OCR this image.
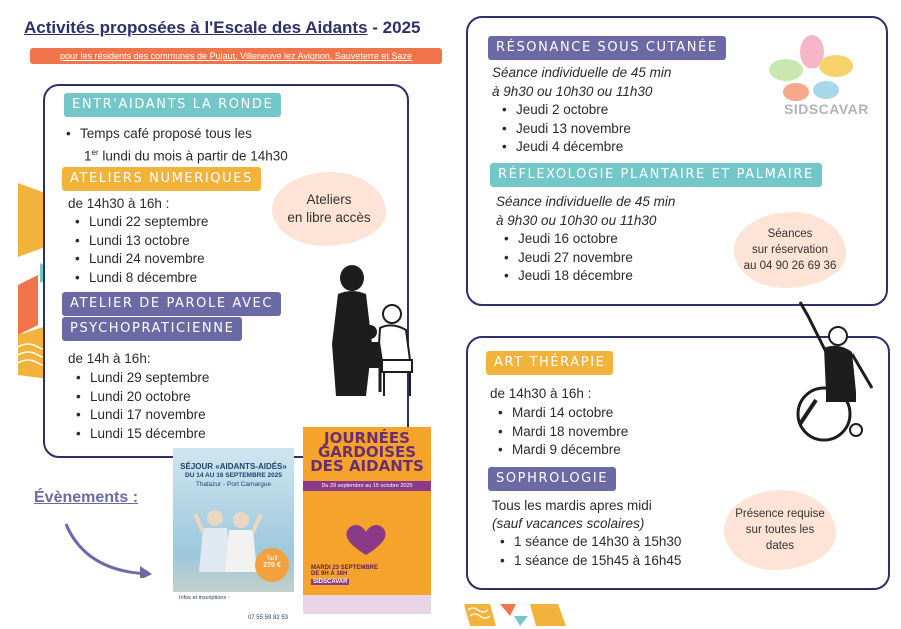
Activités proposées à l'Escale des Aidants - 2025
pour les résidents des communes de Pujaut, Villeneuve lez Avignon, Sauveterre et Saze
ENTR'AIDANTS LA RONDE
• Temps café proposé tous les
1er lundi du mois à partir de 14h30
ATELIERS NUMERIQUES
de 14h30 à 16h :
• Lundi 22 septembre
• Lundi 13 octobre
• Lundi 24 novembre
• Lundi 8 décembre
Ateliers
en libre accès
ATELIER DE PAROLE AVEC
PSYCHOPRATICIENNE
de 14h à 16h:
• Lundi 29 septembre
• Lundi 20 octobre
• Lundi 17 novembre
• Lundi 15 décembre
Évènements :
SÉJOUR «AIDANTS-AIDÉS»
DU 14 AU 16 SEPTEMBRE 2025
Thalazur - Port Camargue
Tarif
270 €
Infos et inscriptions :
07 55 59 82 53
JOURNÉES
GARDOISES
DES AIDANTS
Du 29 septembre au 15 octobre 2025
MARDI 23 SEPTEMBRE
DE 9H À 16H
SIDSCAVAR
RÉSONANCE SOUS CUTANÉE
Séance individuelle de 45 min
à 9h30 ou 10h30 ou 11h30
• Jeudi 2 octobre
• Jeudi 13 novembre
• Jeudi 4 décembre
SIDSCAVAR
RÉFLEXOLOGIE PLANTAIRE ET PALMAIRE
Séance individuelle de 45 min
à 9h30 ou 10h30 ou 11h30
• Jeudi 16 octobre
• Jeudi 27 novembre
• Jeudi 18 décembre
Séances
sur réservation
au 04 90 26 69 36
ART THÉRAPIE
de 14h30 à 16h :
• Mardi 14 octobre
• Mardi 18 novembre
• Mardi 9 décembre
SOPHROLOGIE
Tous les mardis apres midi
(sauf vacances scolaires)
• 1 séance de 14h30 à 15h30
• 1 séance de 15h45 à 16h45
Présence requise
sur toutes les
dates
